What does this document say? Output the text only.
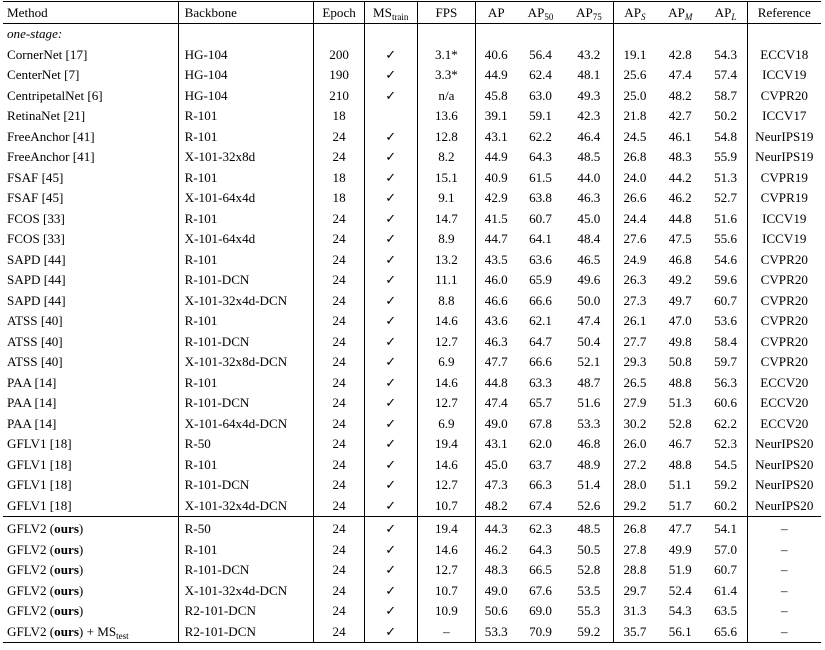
Method	Backbone	Epoch	$MS_{train}$	FPS	AP	$AP_{50}$	$AP_{75}$	$AP_S$	$AP_M$	$AP_L$	Reference
one-stage:											
CornerNet [17]	HG-104	200	✓	3.1*	40.6	56.4	43.2	19.1	42.8	54.3	ECCV18
CenterNet [7]	HG-104	190	✓	3.3*	44.9	62.4	48.1	25.6	47.4	57.4	ICCV19
CentripetalNet [6]	HG-104	210	✓	n/a	45.8	63.0	49.3	25.0	48.2	58.7	CVPR20
RetinaNet [21]	R-101	18		13.6	39.1	59.1	42.3	21.8	42.7	50.2	ICCV17
FreeAnchor [41]	R-101	24	✓	12.8	43.1	62.2	46.4	24.5	46.1	54.8	NeurIPS19
FreeAnchor [41]	X-101-32x8d	24	✓	8.2	44.9	64.3	48.5	26.8	48.3	55.9	NeurIPS19
FSAF [45]	R-101	18	✓	15.1	40.9	61.5	44.0	24.0	44.2	51.3	CVPR19
FSAF [45]	X-101-64x4d	18	✓	9.1	42.9	63.8	46.3	26.6	46.2	52.7	CVPR19
FCOS [33]	R-101	24	✓	14.7	41.5	60.7	45.0	24.4	44.8	51.6	ICCV19
FCOS [33]	X-101-64x4d	24	✓	8.9	44.7	64.1	48.4	27.6	47.5	55.6	ICCV19
SAPD [44]	R-101	24	✓	13.2	43.5	63.6	46.5	24.9	46.8	54.6	CVPR20
SAPD [44]	R-101-DCN	24	✓	11.1	46.0	65.9	49.6	26.3	49.2	59.6	CVPR20
SAPD [44]	X-101-32x4d-DCN	24	✓	8.8	46.6	66.6	50.0	27.3	49.7	60.7	CVPR20
ATSS [40]	R-101	24	✓	14.6	43.6	62.1	47.4	26.1	47.0	53.6	CVPR20
ATSS [40]	R-101-DCN	24	✓	12.7	46.3	64.7	50.4	27.7	49.8	58.4	CVPR20
ATSS [40]	X-101-32x8d-DCN	24	✓	6.9	47.7	66.6	52.1	29.3	50.8	59.7	CVPR20
PAA [14]	R-101	24	✓	14.6	44.8	63.3	48.7	26.5	48.8	56.3	ECCV20
PAA [14]	R-101-DCN	24	✓	12.7	47.4	65.7	51.6	27.9	51.3	60.6	ECCV20
PAA [14]	X-101-64x4d-DCN	24	✓	6.9	49.0	67.8	53.3	30.2	52.8	62.2	ECCV20
GFLV1 [18]	R-50	24	✓	19.4	43.1	62.0	46.8	26.0	46.7	52.3	NeurIPS20
GFLV1 [18]	R-101	24	✓	14.6	45.0	63.7	48.9	27.2	48.8	54.5	NeurIPS20
GFLV1 [18]	R-101-DCN	24	✓	12.7	47.3	66.3	51.4	28.0	51.1	59.2	NeurIPS20
GFLV1 [18]	X-101-32x4d-DCN	24	✓	10.7	48.2	67.4	52.6	29.2	51.7	60.2	NeurIPS20
GFLV2 (ours)	R-50	24	✓	19.4	44.3	62.3	48.5	26.8	47.7	54.1	–
GFLV2 (ours)	R-101	24	✓	14.6	46.2	64.3	50.5	27.8	49.9	57.0	–
GFLV2 (ours)	R-101-DCN	24	✓	12.7	48.3	66.5	52.8	28.8	51.9	60.7	–
GFLV2 (ours)	X-101-32x4d-DCN	24	✓	10.7	49.0	67.6	53.5	29.7	52.4	61.4	–
GFLV2 (ours)	R2-101-DCN	24	✓	10.9	50.6	69.0	55.3	31.3	54.3	63.5	–
GFLV2 (ours) + $MS_{test}$	R2-101-DCN	24	✓	–	53.3	70.9	59.2	35.7	56.1	65.6	–
